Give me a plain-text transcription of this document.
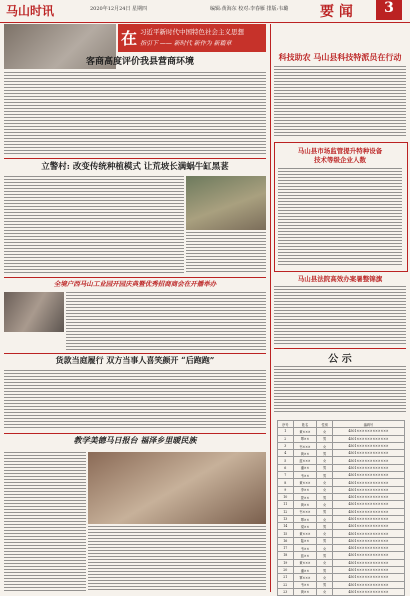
马山时讯	2020年12月24日 星期四	编辑:黄海东 校对:李春雁 排版:韦璐 要 闻	3
在 习近平新时代中国特色社会主义思想
指引下 —— 新时代 新作为 新篇章
客商高度评价我县营商环境
立警村: 改变传统种植模式 让荒坡长满蜗牛缸黑葚
全境户西马山工业园开园庆典暨优秀招商商会在开播举办
货款当庭履行 双方当事人喜笑颜开 “后跑跑”
教学美德马日报台 福泽乡里暖民族
科技助农 马山县科技特派员在行动
马山县市场监管提升特种设备
技术等级企业人数
马山县法院高效办案暑整锦旗
公 示
序号	姓名	性别	编码号
1	黄×××	女	4501××××××××××××
2	覃××	男	4501××××××××××××
3	韦×××	女	4501××××××××××××
4	黄××	男	4501××××××××××××
5	蓝×××	女	4501××××××××××××
6	潘××	男	4501××××××××××××
7	韦××	男	4501××××××××××××
8	黄×××	女	4501××××××××××××
9	李××	女	4501××××××××××××
10	蒙××	男	4501××××××××××××
11	黄××	女	4501××××××××××××
12	韦×××	男	4501××××××××××××
13	覃××	女	4501××××××××××××
14	梁××	男	4501××××××××××××
15	黄×××	女	4501××××××××××××
16	陆××	男	4501××××××××××××
17	韦××	女	4501××××××××××××
18	蓝××	男	4501××××××××××××
19	黄×××	女	4501××××××××××××
20	潘××	男	4501××××××××××××
21	覃×××	女	4501××××××××××××
22	韦××	男	4501××××××××××××
23	黄××	女	4501××××××××××××
